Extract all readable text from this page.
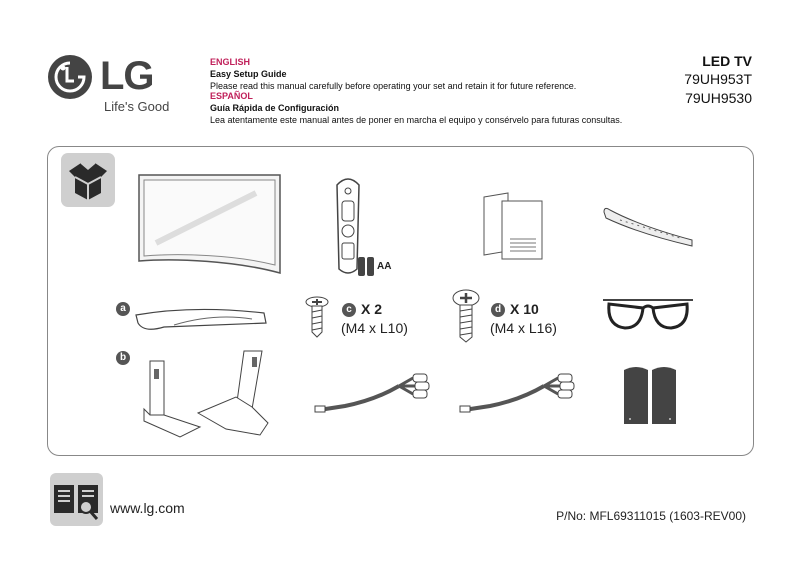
LG
Life's Good
ENGLISH
Easy Setup Guide
Please read this manual carefully before operating your set and retain it for future reference.
ESPAÑOL
Guía Rápida de Configuración
Lea atentamente este manual antes de poner en marcha el equipo y consérvelo para futuras consultas.
LED TV
79UH953T
79UH9530
AA
a
b
c X 2
(M4 x L10)
d X 10
(M4 x L16)
www.lg.com	P/No: MFL69311015 (1603-REV00)
